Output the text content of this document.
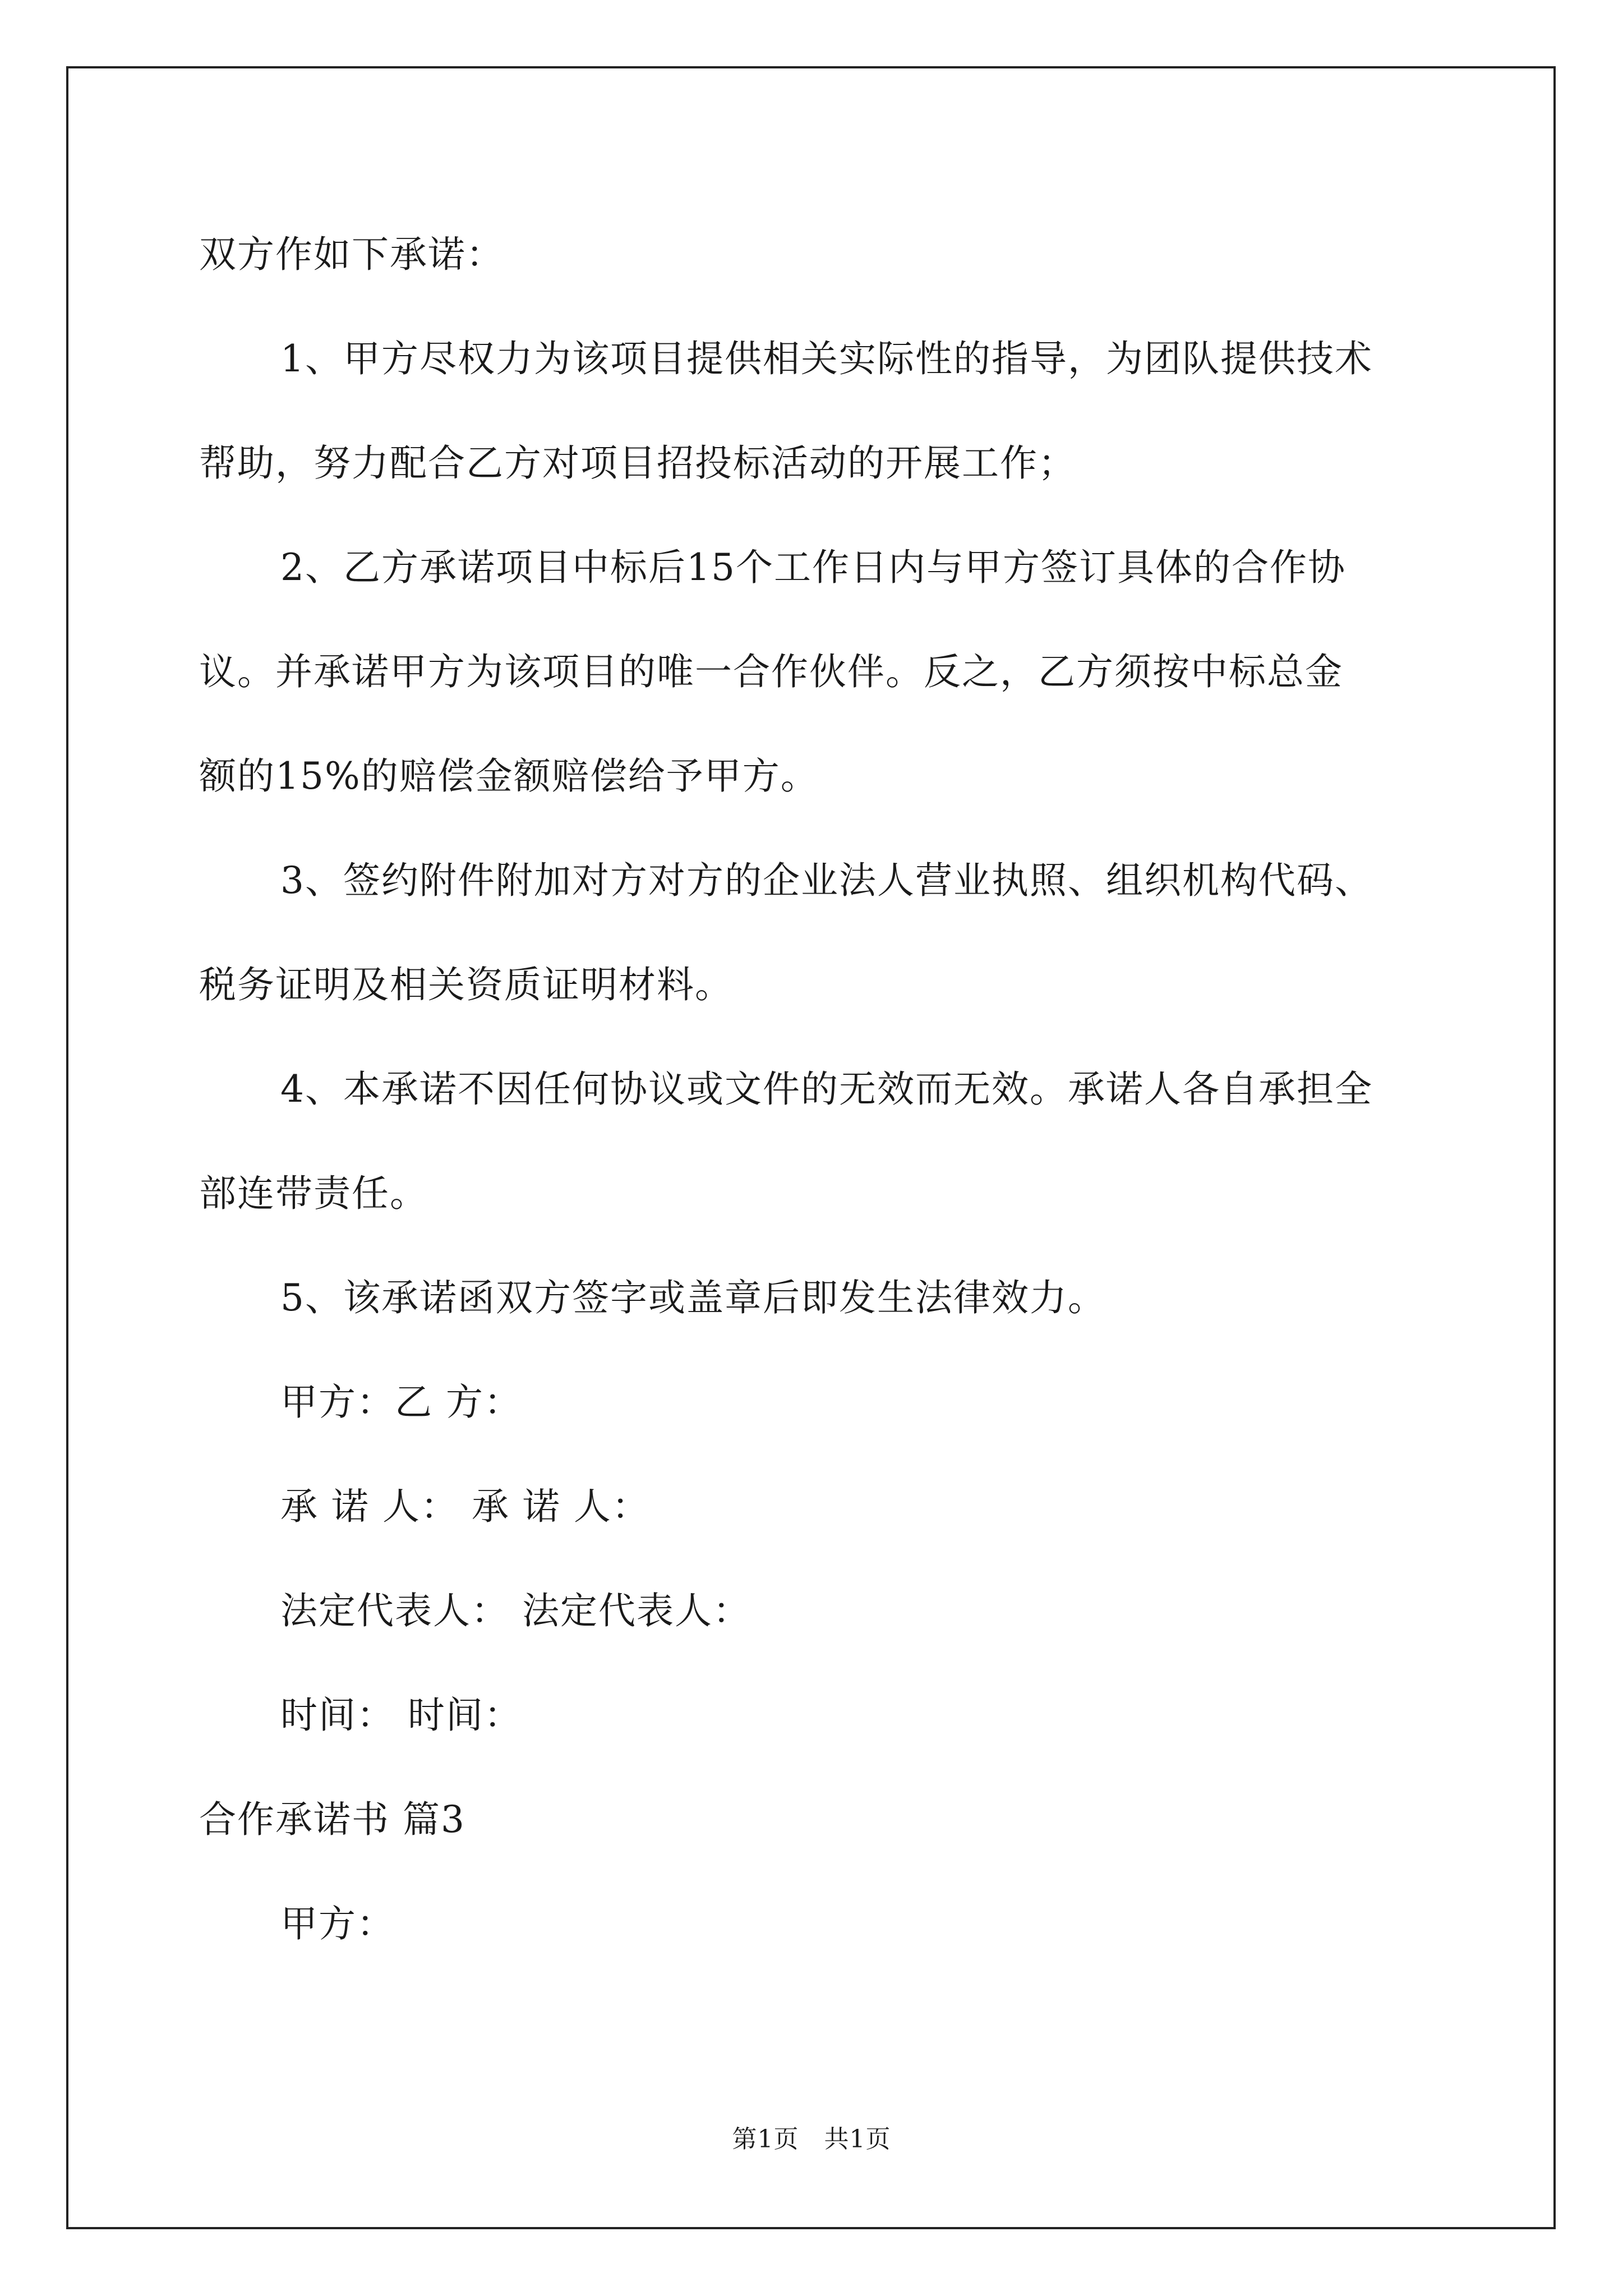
双方作如下承诺：
1、甲方尽权力为该项目提供相关实际性的指导，为团队提供技术
帮助，努力配合乙方对项目招投标活动的开展工作；
2、乙方承诺项目中标后15个工作日内与甲方签订具体的合作协
议。并承诺甲方为该项目的唯一合作伙伴。反之，乙方须按中标总金
额的15%的赔偿金额赔偿给予甲方。
3、签约附件附加对方对方的企业法人营业执照、组织机构代码、
税务证明及相关资质证明材料。
4、本承诺不因任何协议或文件的无效而无效。承诺人各自承担全
部连带责任。
5、该承诺函双方签字或盖章后即发生法律效力。
甲方：乙 方：
承 诺 人： 承 诺 人：
法定代表人： 法定代表人：
时间： 时间：
合作承诺书 篇3
甲方：
第1页　共1页
